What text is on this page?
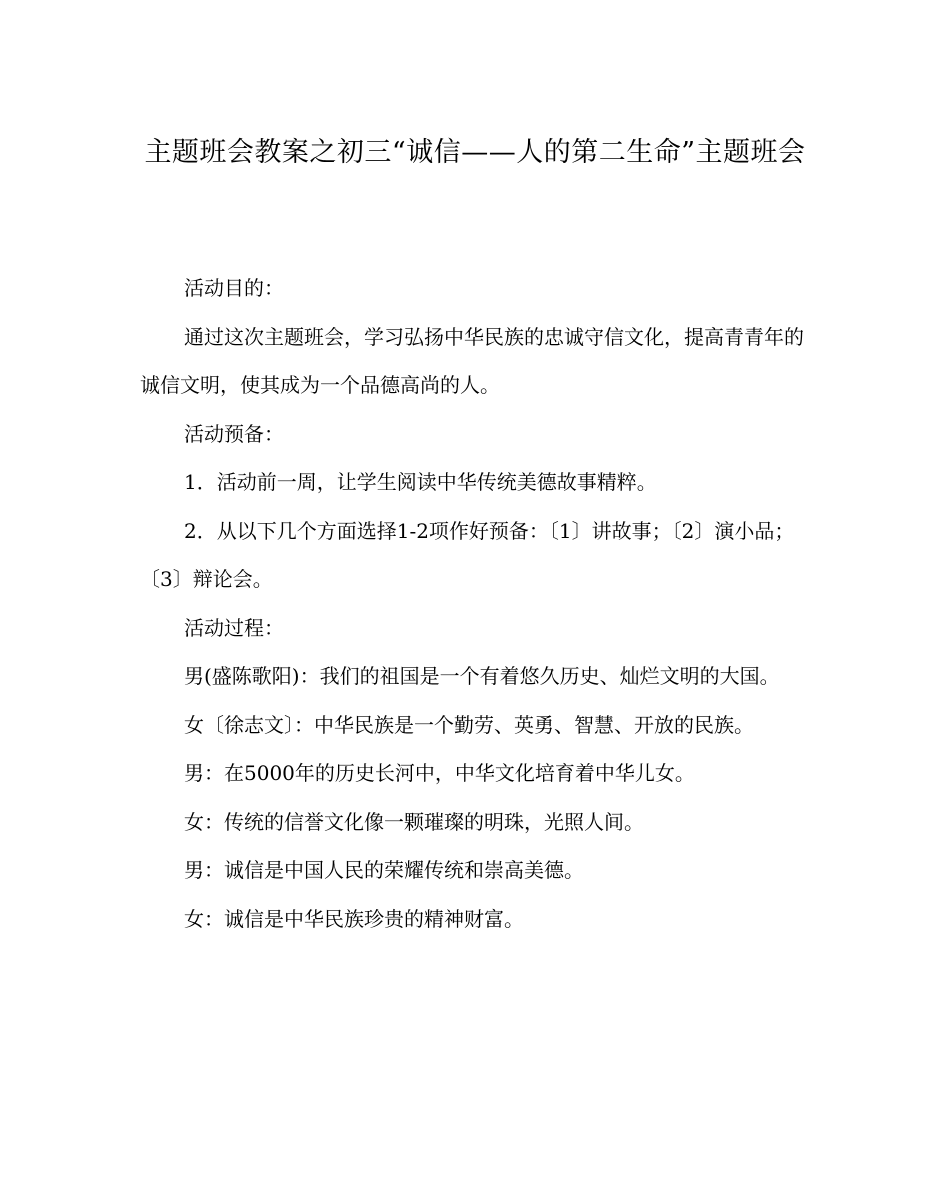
主题班会教案之初三“诚信——人的第二生命”主题班会

活动目的：

通过这次主题班会，学习弘扬中华民族的忠诚守信文化，提高青青年的诚信文明，使其成为一个品德高尚的人。

活动预备：

1．活动前一周，让学生阅读中华传统美德故事精粹。

2．从以下几个方面选择1-2项作好预备：〔1〕讲故事；〔2〕演小品；〔3〕辩论会。

活动过程：

男(盛陈歌阳)：我们的祖国是一个有着悠久历史、灿烂文明的大国。

女〔徐志文〕：中华民族是一个勤劳、英勇、智慧、开放的民族。

男：在5000年的历史长河中，中华文化培育着中华儿女。

女：传统的信誉文化像一颗璀璨的明珠，光照人间。

男：诚信是中国人民的荣耀传统和崇高美德。

女：诚信是中华民族珍贵的精神财富。
